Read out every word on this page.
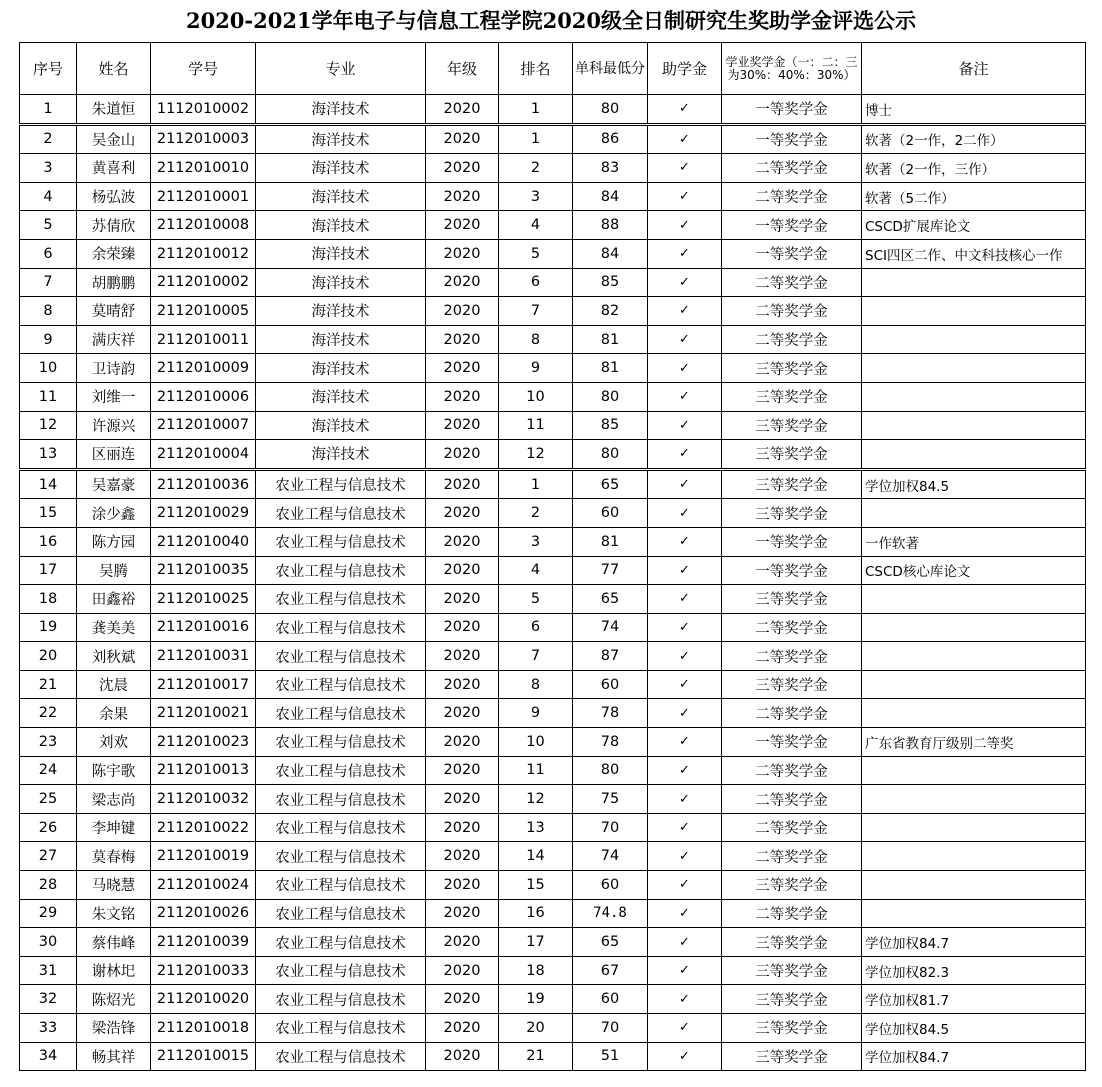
2020-2021学年电子与信息工程学院2020级全日制研究生奖助学金评选公示
序号	姓名	学号	专业	年级	排名	单科最低分	助学金	学业奖学金（一：二：三为30%：40%：30%）	备注
1	朱道恒	1112010002	海洋技术	2020	1	80	✓	一等奖学金	博士
2	吴金山	2112010003	海洋技术	2020	1	86	✓	一等奖学金	软著（2一作，2二作）
3	黄喜利	2112010010	海洋技术	2020	2	83	✓	二等奖学金	软著（2一作，三作）
4	杨弘波	2112010001	海洋技术	2020	3	84	✓	二等奖学金	软著（5二作）
5	苏倩欣	2112010008	海洋技术	2020	4	88	✓	一等奖学金	CSCD扩展库论文
6	余荣臻	2112010012	海洋技术	2020	5	84	✓	一等奖学金	SCI四区二作、中文科技核心一作
7	胡鹏鹏	2112010002	海洋技术	2020	6	85	✓	二等奖学金	
8	莫晴舒	2112010005	海洋技术	2020	7	82	✓	二等奖学金	
9	满庆祥	2112010011	海洋技术	2020	8	81	✓	二等奖学金	
10	卫诗韵	2112010009	海洋技术	2020	9	81	✓	三等奖学金	
11	刘维一	2112010006	海洋技术	2020	10	80	✓	三等奖学金	
12	许源兴	2112010007	海洋技术	2020	11	85	✓	三等奖学金	
13	区丽连	2112010004	海洋技术	2020	12	80	✓	三等奖学金	
14	吴嘉豪	2112010036	农业工程与信息技术	2020	1	65	✓	三等奖学金	学位加权84.5
15	涂少鑫	2112010029	农业工程与信息技术	2020	2	60	✓	三等奖学金	
16	陈方园	2112010040	农业工程与信息技术	2020	3	81	✓	一等奖学金	一作软著
17	吴腾	2112010035	农业工程与信息技术	2020	4	77	✓	一等奖学金	CSCD核心库论文
18	田鑫裕	2112010025	农业工程与信息技术	2020	5	65	✓	三等奖学金	
19	龚美美	2112010016	农业工程与信息技术	2020	6	74	✓	二等奖学金	
20	刘秋斌	2112010031	农业工程与信息技术	2020	7	87	✓	二等奖学金	
21	沈晨	2112010017	农业工程与信息技术	2020	8	60	✓	三等奖学金	
22	余果	2112010021	农业工程与信息技术	2020	9	78	✓	二等奖学金	
23	刘欢	2112010023	农业工程与信息技术	2020	10	78	✓	一等奖学金	广东省教育厅级别二等奖
24	陈宇歌	2112010013	农业工程与信息技术	2020	11	80	✓	二等奖学金	
25	梁志尚	2112010032	农业工程与信息技术	2020	12	75	✓	二等奖学金	
26	李坤键	2112010022	农业工程与信息技术	2020	13	70	✓	二等奖学金	
27	莫春梅	2112010019	农业工程与信息技术	2020	14	74	✓	二等奖学金	
28	马晓慧	2112010024	农业工程与信息技术	2020	15	60	✓	三等奖学金	
29	朱文铭	2112010026	农业工程与信息技术	2020	16	74.8	✓	二等奖学金	
30	蔡伟峰	2112010039	农业工程与信息技术	2020	17	65	✓	三等奖学金	学位加权84.7
31	谢林圯	2112010033	农业工程与信息技术	2020	18	67	✓	三等奖学金	学位加权82.3
32	陈炤光	2112010020	农业工程与信息技术	2020	19	60	✓	三等奖学金	学位加权81.7
33	梁浩锋	2112010018	农业工程与信息技术	2020	20	70	✓	三等奖学金	学位加权84.5
34	畅其祥	2112010015	农业工程与信息技术	2020	21	51	✓	三等奖学金	学位加权84.7
